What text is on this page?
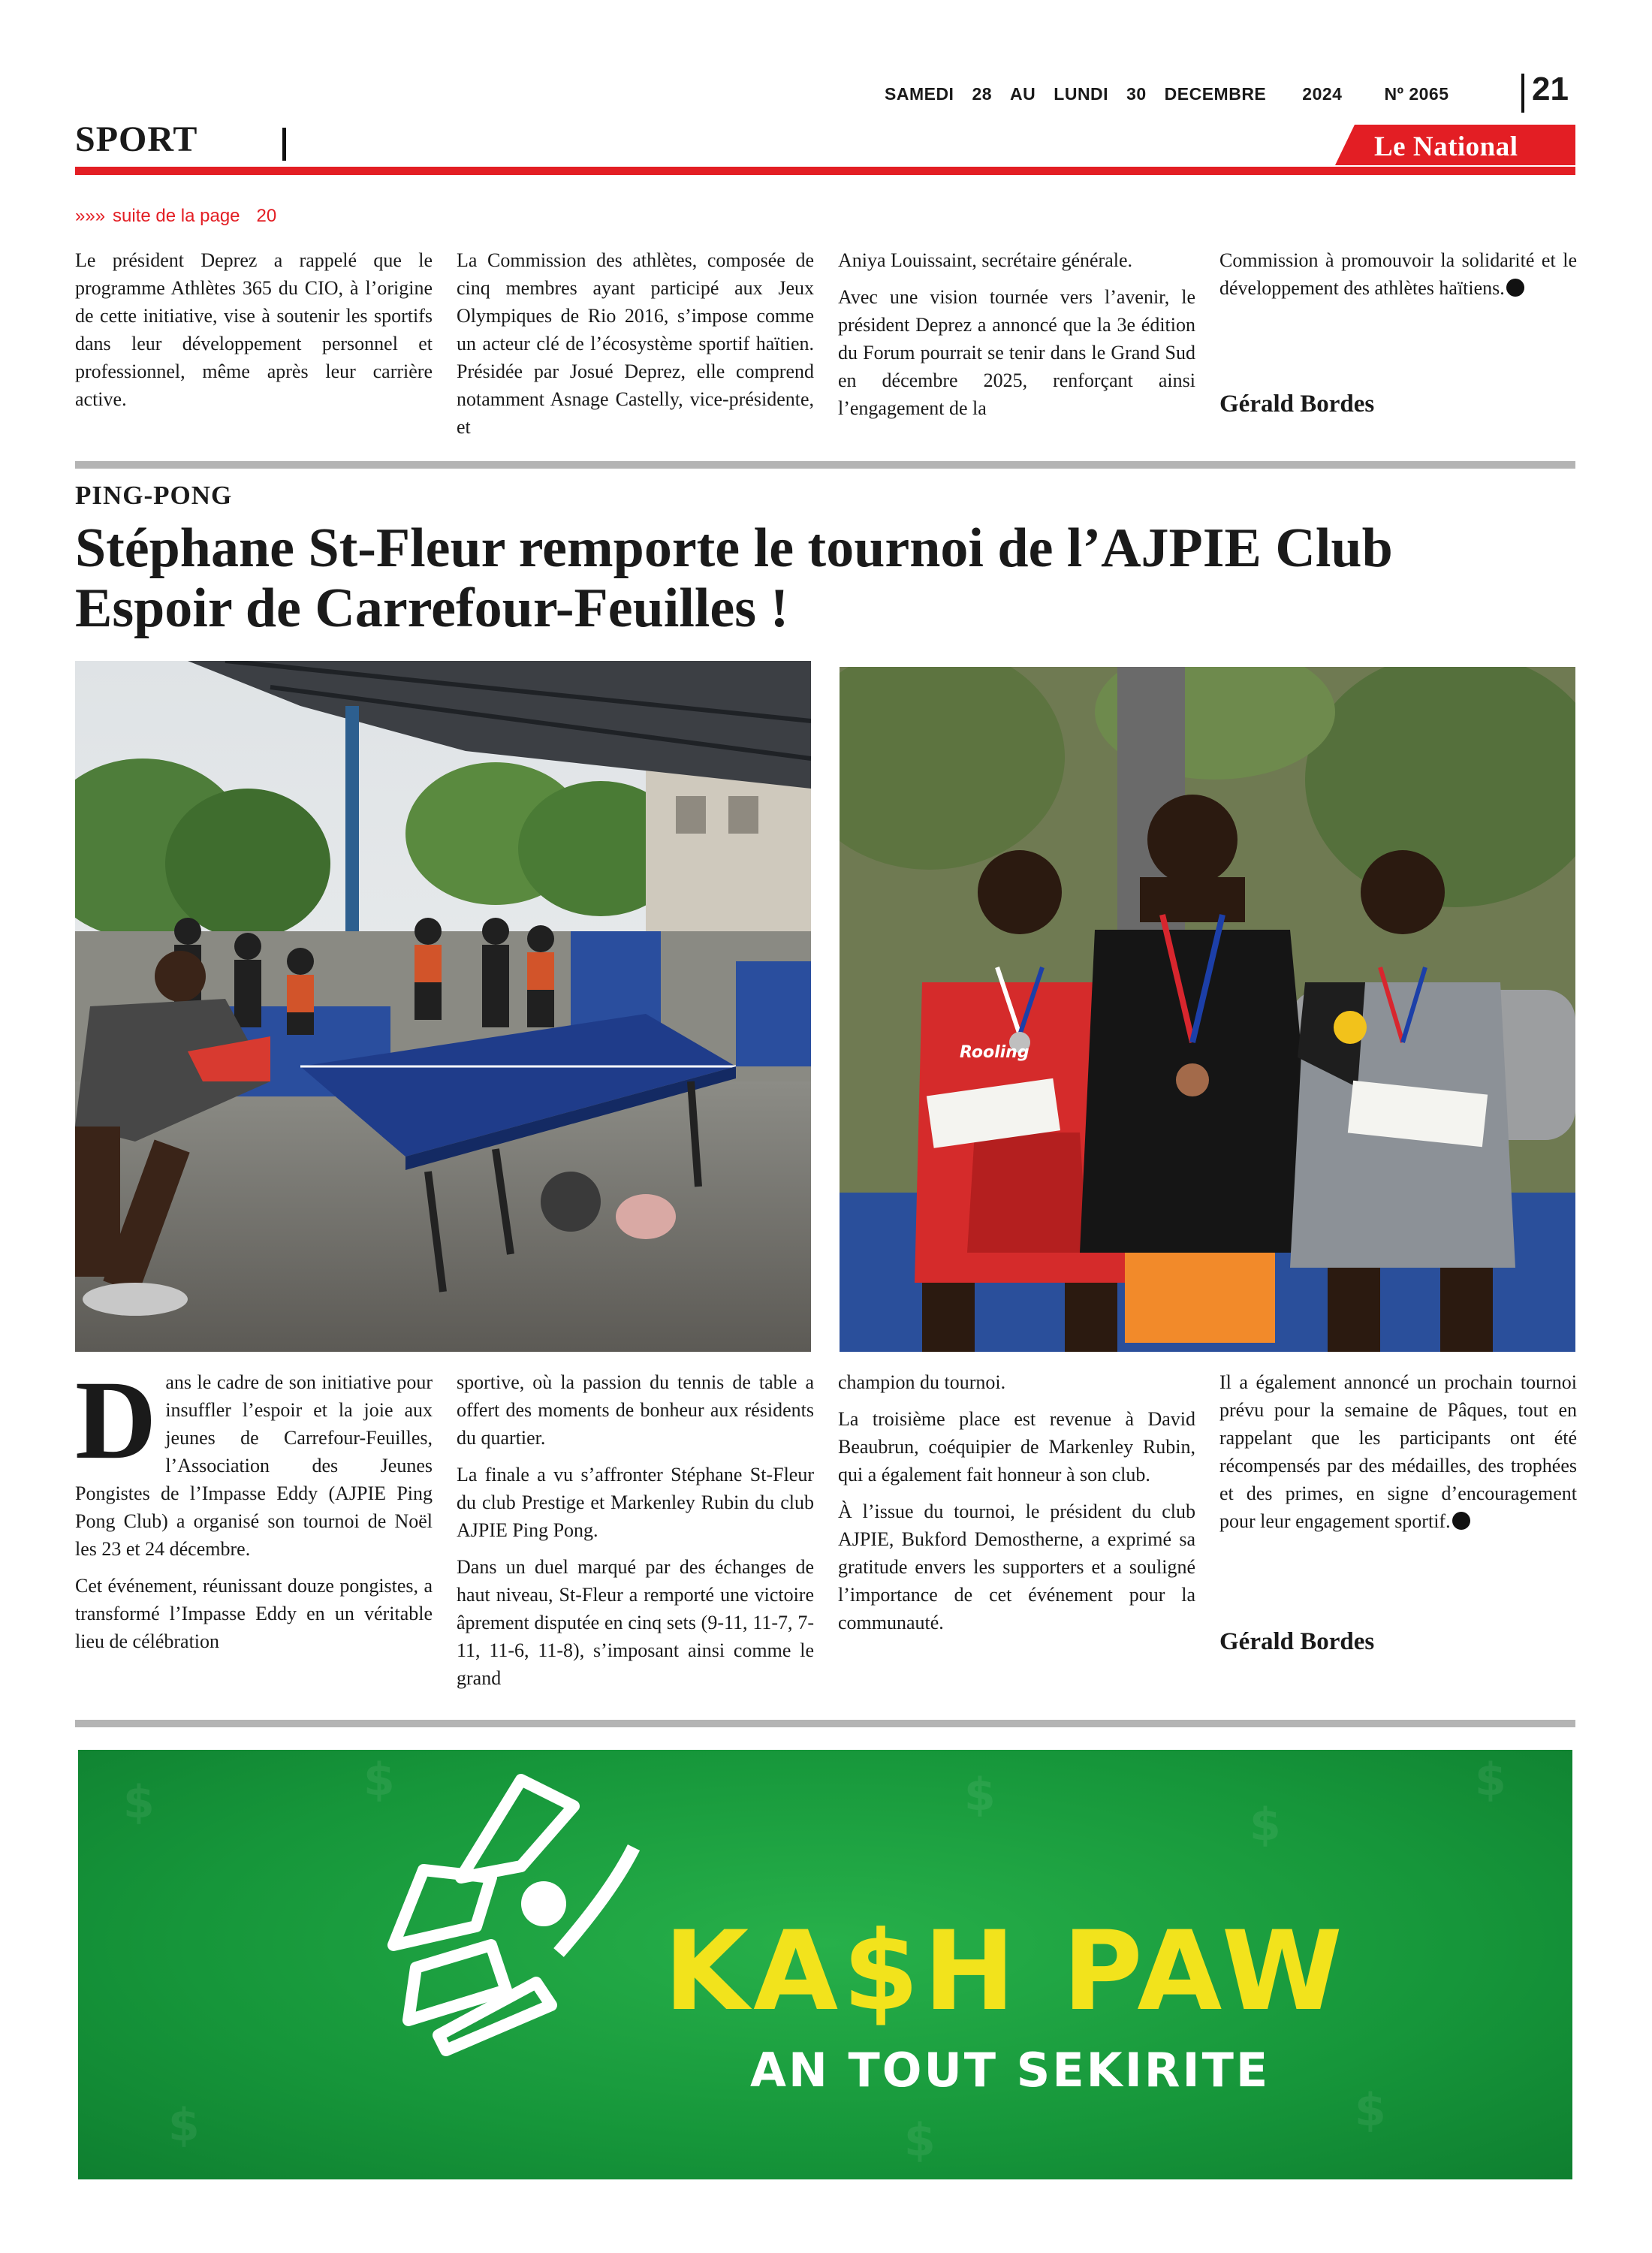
SAMEDI 28 AU LUNDI 30 DECEMBRE 2024 Nº 2065	21
SPORT	Le National
»»» suite de la page 20

Le président Deprez a rappelé que le programme Athlètes 365 du CIO, à l’origine de cette initiative, vise à soutenir les sportifs dans leur développement personnel et professionnel, même après leur carrière active.

La Commission des athlètes, composée de cinq membres ayant participé aux Jeux Olympiques de Rio 2016, s’impose comme un acteur clé de l’écosystème sportif haïtien. Présidée par Josué Deprez, elle comprend notamment Asnage Castelly, vice-présidente, et

Aniya Louissaint, secrétaire générale.

Avec une vision tournée vers l’avenir, le président Deprez a annoncé que la 3e édition du Forum pourrait se tenir dans le Grand Sud en décembre 2025, renforçant ainsi l’engagement de la

Commission à promouvoir la solidarité et le développement des athlètes haïtiens.

Gérald Bordes
PING-PONG
Stéphane St-Fleur remporte le tournoi de l’AJPIE Club Espoir de Carrefour-Feuilles !
Rooling

Dans le cadre de son initiative pour insuffler l’espoir et la joie aux jeunes de Carrefour-Feuilles, l’Association des Jeunes Pongistes de l’Impasse Eddy (AJPIE Ping Pong Club) a organisé son tournoi de Noël les 23 et 24 décembre.

Cet événement, réunissant douze pongistes, a transformé l’Impasse Eddy en un véritable lieu de célébration

sportive, où la passion du tennis de table a offert des moments de bonheur aux résidents du quartier.

La finale a vu s’affronter Stéphane St-Fleur du club Prestige et Markenley Rubin du club AJPIE Ping Pong.

Dans un duel marqué par des échanges de haut niveau, St-Fleur a remporté une victoire âprement disputée en cinq sets (9-11, 11-7, 7-11, 11-6, 11-8), s’imposant ainsi comme le grand

champion du tournoi.

La troisième place est revenue à David Beaubrun, coéquipier de Markenley Rubin, qui a également fait honneur à son club.

À l’issue du tournoi, le président du club AJPIE, Bukford Demostherne, a exprimé sa gratitude envers les supporters et a souligné l’importance de cet événement pour la communauté.

Il a également annoncé un prochain tournoi prévu pour la semaine de Pâques, tout en rappelant que les participants ont été récompensés par des médailles, des trophées et des primes, en signe d’encouragement pour leur engagement sportif.

Gérald Bordes
$	$	$
$
$
$	$
$
KA$H PAW
AN TOUT SEKIRITE
